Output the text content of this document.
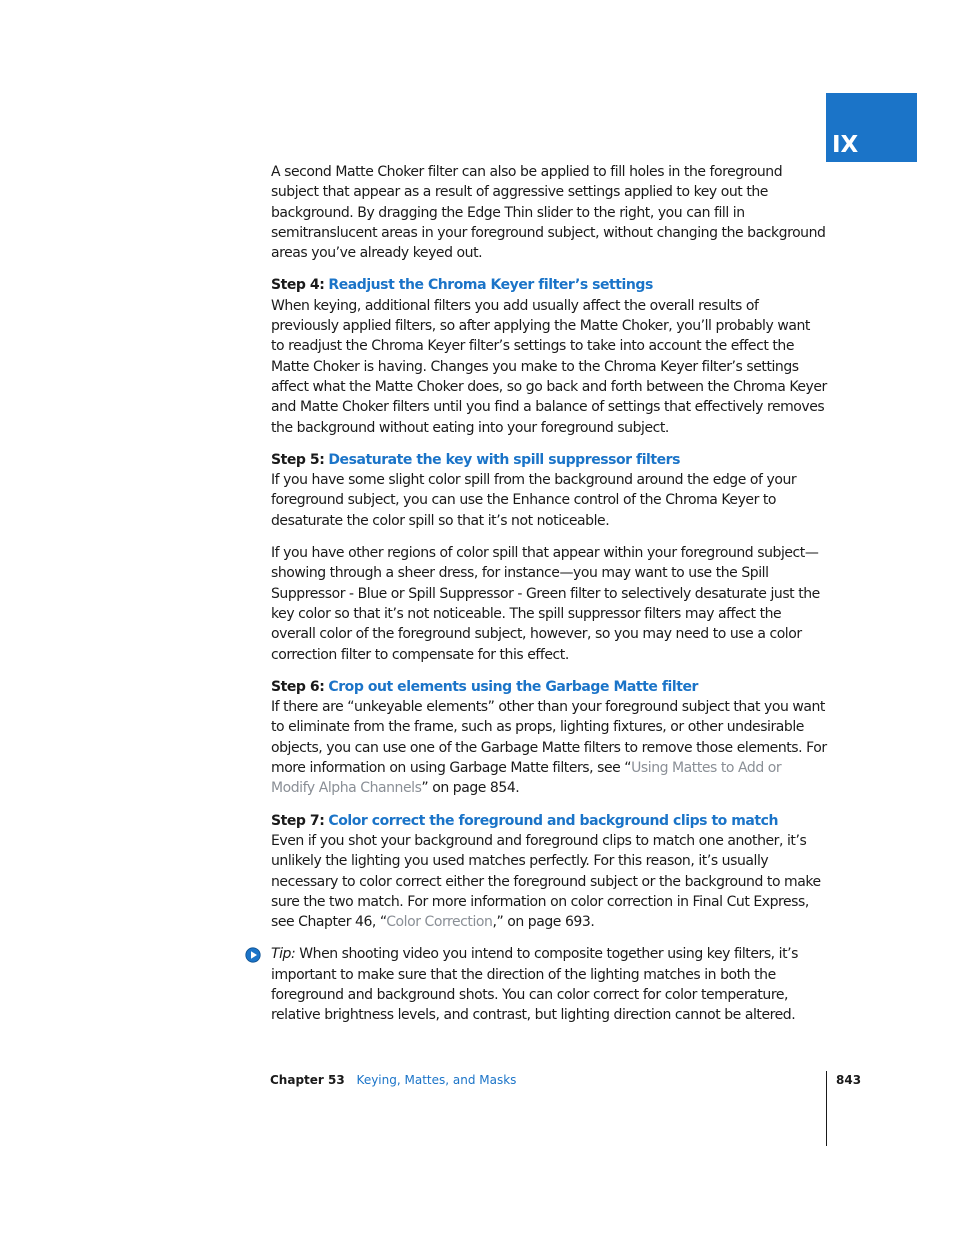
IX

A second Matte Choker filter can also be applied to fill holes in the foreground subject that appear as a result of aggressive settings applied to key out the background. By dragging the Edge Thin slider to the right, you can fill in semitranslucent areas in your foreground subject, without changing the background areas you’ve already keyed out.

Step 4: Readjust the Chroma Keyer filter’s settings

When keying, additional filters you add usually affect the overall results of previously applied filters, so after applying the Matte Choker, you’ll probably want to readjust the Chroma Keyer filter’s settings to take into account the effect the Matte Choker is having. Changes you make to the Chroma Keyer filter’s settings affect what the Matte Choker does, so go back and forth between the Chroma Keyer and Matte Choker filters until you find a balance of settings that effectively removes the background without eating into your foreground subject.

Step 5: Desaturate the key with spill suppressor filters

If you have some slight color spill from the background around the edge of your foreground subject, you can use the Enhance control of the Chroma Keyer to desaturate the color spill so that it’s not noticeable.

If you have other regions of color spill that appear within your foreground subject—showing through a sheer dress, for instance—you may want to use the Spill Suppressor - Blue or Spill Suppressor - Green filter to selectively desaturate just the key color so that it’s not noticeable. The spill suppressor filters may affect the overall color of the foreground subject, however, so you may need to use a color correction filter to compensate for this effect.

Step 6: Crop out elements using the Garbage Matte filter

If there are “unkeyable elements” other than your foreground subject that you want to eliminate from the frame, such as props, lighting fixtures, or other undesirable objects, you can use one of the Garbage Matte filters to remove those elements. For more information on using Garbage Matte filters, see “Using Mattes to Add or Modify Alpha Channels” on page 854.

Step 7: Color correct the foreground and background clips to match

Even if you shot your background and foreground clips to match one another, it’s unlikely the lighting you used matches perfectly. For this reason, it’s usually necessary to color correct either the foreground subject or the background to make sure the two match. For more information on color correction in Final Cut Express, see Chapter 46, “Color Correction,” on page 693.

Tip: When shooting video you intend to composite together using key filters, it’s important to make sure that the direction of the lighting matches in both the foreground and background shots. You can color correct for color temperature, relative brightness levels, and contrast, but lighting direction cannot be altered.

Chapter 53 Keying, Mattes, and Masks	843
